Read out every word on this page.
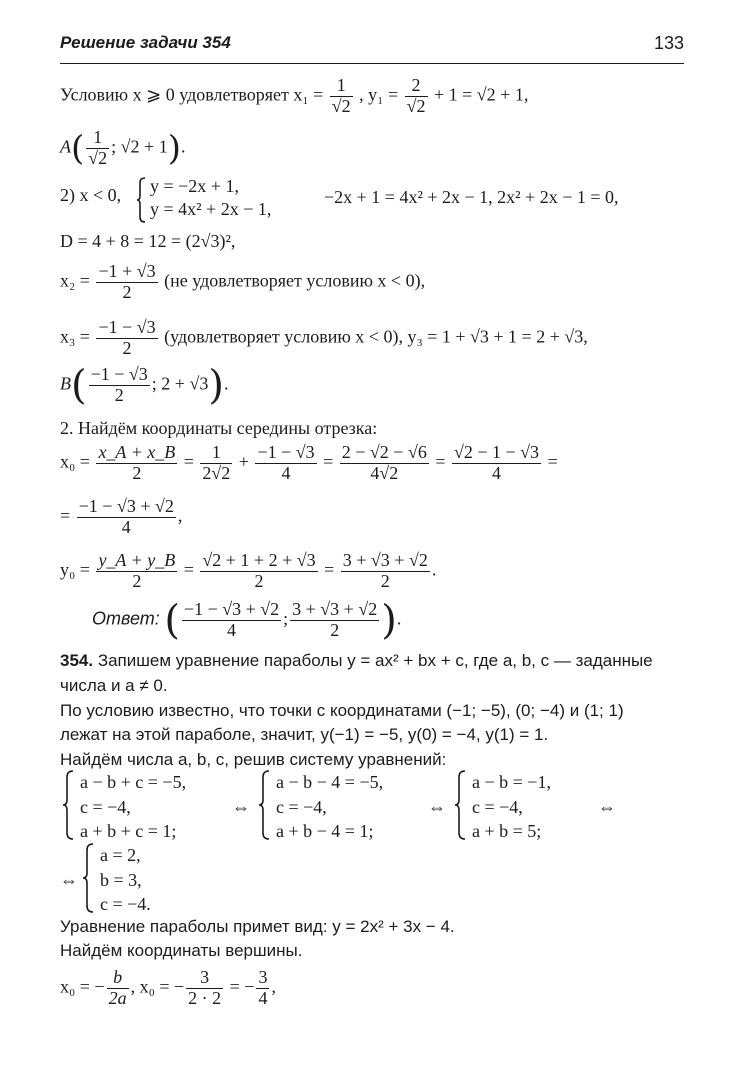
Решение задачи 354	133
Условию x ⩾ 0 удовлетворяет $x_1 = \frac{1}{√2}$ , $y_1 = \frac{2}{√2} + 1 = √2 + 1$,
$A( \frac{1}{√2}$ ; √2 + 1).
2) x < 0, y = −2x + 1,
y = 4x² + 2x − 1,
−2x + 1 = 4x² + 2x − 1, 2x² + 2x − 1 = 0,
D = 4 + 8 = 12 = (2√3)²,
$x_2 = \frac{-1 + √3}{2} (не$ удовлетворяет условию x < 0),
$x_3 = \frac{-1 - √3}{2}$ (удовлетворяет условию x < 0), y₃ = 1 + √3 + 1 = 2 + √3,
$B( \frac{-1 - √3}{2}$ ; 2 + √3).
2. Найдём координаты середины отрезка:
$x_0 = \frac{x\_A + x\_B}{2} = \frac{1}{2√2} + \frac{-1 - √3}{4} = \frac{2 - √2 - √6}{4√2} = \frac{√2 - 1 - √3}{4}$ =
= $\frac{-1 - √3 + √2}{4}$ ,
$y_0 = \frac{y\_A + y\_B}{2} = \frac{√2 + 1 + 2 + √3}{2} = \frac{3 + √3 + √2}{2}$ .
Ответ: ( $\frac{-1 - √3 + √2}{4}$ ; $\frac{3 + √3 + √2}{2}$ ).
354. Запишем уравнение параболы y = ax² + bx + c, где a, b, c — заданные
числа и a ≠ 0.
По условию известно, что точки с координатами (−1; −5), (0; −4) и (1; 1)
лежат на этой параболе, значит, y(−1) = −5, y(0) = −4, y(1) = 1.
Найдём числа a, b, c, решив систему уравнений:
a − b + c = −5,
c = −4,
a + b + c = 1;
⇔
a − b − 4 = −5,
c = −4,
a + b − 4 = 1;
⇔
a − b = −1,
c = −4,
a + b = 5;
⇔
⇔
a = 2,
b = 3,
c = −4.
Уравнение параболы примет вид: y = 2x² + 3x − 4.
Найдём координаты вершины.
x₀ = − $\frac{b}{2a}$ , x₀ = − $\frac{3}{2 \cdot 2}$ = − $\frac{3}{4}$ ,
